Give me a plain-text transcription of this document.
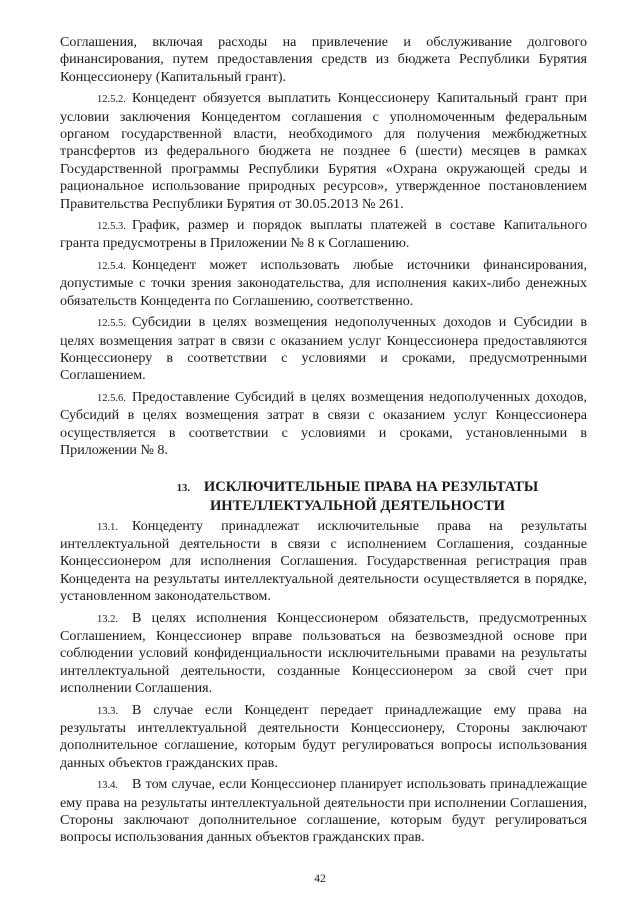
Соглашения, включая расходы на привлечение и обслуживание долгового финансирования, путем предоставления средств из бюджета Республики Бурятия Концессионеру (Капитальный грант).

12.5.2. Концедент обязуется выплатить Концессионеру Капитальный грант при условии заключения Концедентом соглашения с уполномоченным федеральным органом государственной власти, необходимого для получения межбюджетных трансфертов из федерального бюджета не позднее 6 (шести) месяцев в рамках Государственной программы Республики Бурятия «Охрана окружающей среды и рациональное использование природных ресурсов», утвержденное постановлением Правительства Республики Бурятия от 30.05.2013 № 261.

12.5.3. График, размер и порядок выплаты платежей в составе Капитального гранта предусмотрены в Приложении № 8 к Соглашению.

12.5.4. Концедент может использовать любые источники финансирования, допустимые с точки зрения законодательства, для исполнения каких-либо денежных обязательств Концедента по Соглашению, соответственно.

12.5.5. Субсидии в целях возмещения недополученных доходов и Субсидии в целях возмещения затрат в связи с оказанием услуг Концессионера предоставляются Концессионеру в соответствии с условиями и сроками, предусмотренными Соглашением.

12.5.6. Предоставление Субсидий в целях возмещения недополученных доходов, Субсидий в целях возмещения затрат в связи с оказанием услуг Концессионера осуществляется в соответствии с условиями и сроками, установленными в Приложении № 8.

13. ИСКЛЮЧИТЕЛЬНЫЕ ПРАВА НА РЕЗУЛЬТАТЫ
ИНТЕЛЛЕКТУАЛЬНОЙ ДЕЯТЕЛЬНОСТИ

13.1. Концеденту принадлежат исключительные права на результаты интеллектуальной деятельности в связи с исполнением Соглашения, созданные Концессионером для исполнения Соглашения. Государственная регистрация прав Концедента на результаты интеллектуальной деятельности осуществляется в порядке, установленном законодательством.

13.2. В целях исполнения Концессионером обязательств, предусмотренных Соглашением, Концессионер вправе пользоваться на безвозмездной основе при соблюдении условий конфиденциальности исключительными правами на результаты интеллектуальной деятельности, созданные Концессионером за свой счет при исполнении Соглашения.

13.3. В случае если Концедент передает принадлежащие ему права на результаты интеллектуальной деятельности Концессионеру, Стороны заключают дополнительное соглашение, которым будут регулироваться вопросы использования данных объектов гражданских прав.

13.4. В том случае, если Концессионер планирует использовать принадлежащие ему права на результаты интеллектуальной деятельности при исполнении Соглашения, Стороны заключают дополнительное соглашение, которым будут регулироваться вопросы использования данных объектов гражданских прав.

42
